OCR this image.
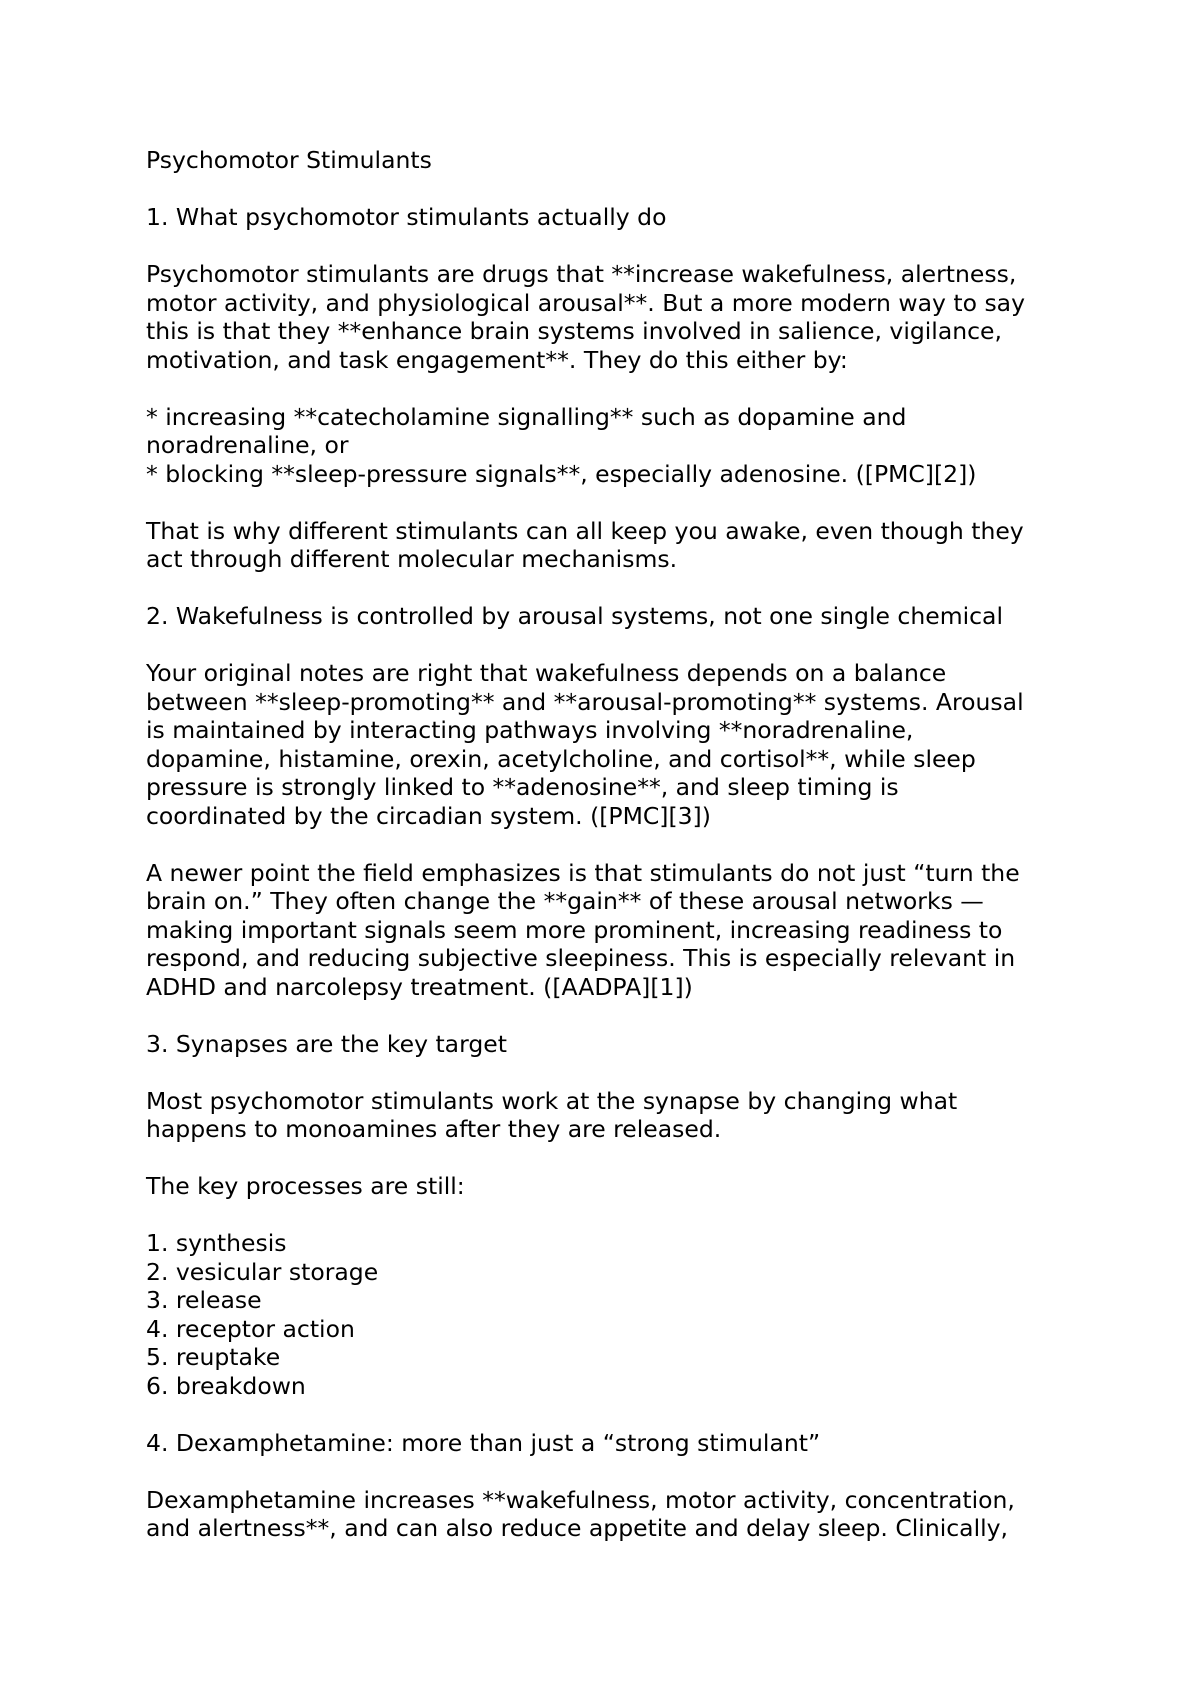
Psychomotor Stimulants
1. What psychomotor stimulants actually do
Psychomotor stimulants are drugs that **increase wakefulness, alertness,
motor activity, and physiological arousal**. But a more modern way to say
this is that they **enhance brain systems involved in salience, vigilance,
motivation, and task engagement**. They do this either by:
* increasing **catecholamine signalling** such as dopamine and
noradrenaline, or
* blocking **sleep-pressure signals**, especially adenosine. ([PMC][2])
That is why different stimulants can all keep you awake, even though they
act through different molecular mechanisms.
2. Wakefulness is controlled by arousal systems, not one single chemical
Your original notes are right that wakefulness depends on a balance
between **sleep-promoting** and **arousal-promoting** systems. Arousal
is maintained by interacting pathways involving **noradrenaline,
dopamine, histamine, orexin, acetylcholine, and cortisol**, while sleep
pressure is strongly linked to **adenosine**, and sleep timing is
coordinated by the circadian system. ([PMC][3])
A newer point the field emphasizes is that stimulants do not just “turn the
brain on.” They often change the **gain** of these arousal networks —
making important signals seem more prominent, increasing readiness to
respond, and reducing subjective sleepiness. This is especially relevant in
ADHD and narcolepsy treatment. ([AADPA][1])
3. Synapses are the key target
Most psychomotor stimulants work at the synapse by changing what
happens to monoamines after they are released.
The key processes are still:
1. synthesis
2. vesicular storage
3. release
4. receptor action
5. reuptake
6. breakdown
4. Dexamphetamine: more than just a “strong stimulant”
Dexamphetamine increases **wakefulness, motor activity, concentration,
and alertness**, and can also reduce appetite and delay sleep. Clinically,
